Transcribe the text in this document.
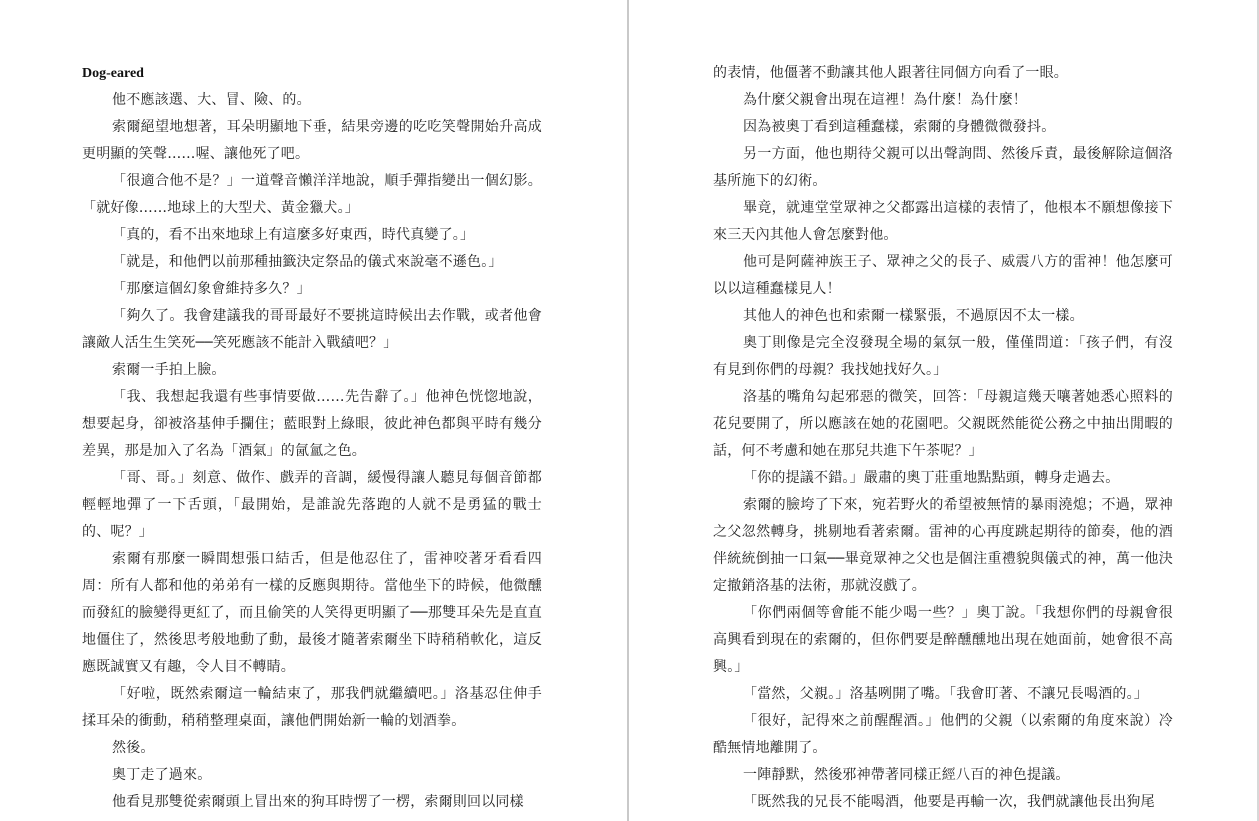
Dog-eared

他不應該選、大、冒、險、的。

索爾絕望地想著，耳朵明顯地下垂，結果旁邊的吃吃笑聲開始升高成更明顯的笑聲……喔、讓他死了吧。

「很適合他不是？」一道聲音懶洋洋地說，順手彈指變出一個幻影。「就好像……地球上的大型犬、黃金獵犬。」

「真的，看不出來地球上有這麼多好東西，時代真變了。」

「就是，和他們以前那種抽籤決定祭品的儀式來說毫不遜色。」

「那麼這個幻象會維持多久？」

「夠久了。我會建議我的哥哥最好不要挑這時候出去作戰，或者他會讓敵人活生生笑死──笑死應該不能計入戰績吧？」

索爾一手拍上臉。

「我、我想起我還有些事情要做……先告辭了。」他神色恍惚地說，想要起身，卻被洛基伸手攔住；藍眼對上綠眼，彼此神色都與平時有幾分差異，那是加入了名為「酒氣」的氤氳之色。

「哥、哥。」刻意、做作、戲弄的音調，緩慢得讓人聽見每個音節都輕輕地彈了一下舌頭，「最開始，是誰說先落跑的人就不是勇猛的戰士的、呢？」

索爾有那麼一瞬間想張口結舌，但是他忍住了，雷神咬著牙看看四周：所有人都和他的弟弟有一樣的反應與期待。當他坐下的時候，他微醺而發紅的臉變得更紅了，而且偷笑的人笑得更明顯了──那雙耳朵先是直直地僵住了，然後思考般地動了動，最後才隨著索爾坐下時稍稍軟化，這反應既誠實又有趣，令人目不轉睛。

「好啦，既然索爾這一輪結束了，那我們就繼續吧。」洛基忍住伸手揉耳朵的衝動，稍稍整理桌面，讓他們開始新一輪的划酒拳。

然後。

奧丁走了過來。

他看見那雙從索爾頭上冒出來的狗耳時愣了一楞，索爾則回以同樣

的表情，他僵著不動讓其他人跟著往同個方向看了一眼。

為什麼父親會出現在這裡！為什麼！為什麼！

因為被奧丁看到這種蠢樣，索爾的身體微微發抖。

另一方面，他也期待父親可以出聲詢問、然後斥責，最後解除這個洛基所施下的幻術。

畢竟，就連堂堂眾神之父都露出這樣的表情了，他根本不願想像接下來三天內其他人會怎麼對他。

他可是阿薩神族王子、眾神之父的長子、威震八方的雷神！他怎麼可以以這種蠢樣見人！

其他人的神色也和索爾一樣緊張，不過原因不太一樣。

奧丁則像是完全沒發現全場的氣氛一般，僅僅問道：「孩子們，有沒有見到你們的母親？我找她找好久。」

洛基的嘴角勾起邪惡的微笑，回答：「母親這幾天嚷著她悉心照料的花兒要開了，所以應該在她的花園吧。父親既然能從公務之中抽出閒暇的話，何不考慮和她在那兒共進下午茶呢？」

「你的提議不錯。」嚴肅的奧丁莊重地點點頭，轉身走過去。

索爾的臉垮了下來，宛若野火的希望被無情的暴雨澆熄；不過，眾神之父忽然轉身，挑剔地看著索爾。雷神的心再度跳起期待的節奏，他的酒伴統統倒抽一口氣──畢竟眾神之父也是個注重禮貌與儀式的神，萬一他決定撤銷洛基的法術，那就沒戲了。

「你們兩個等會能不能少喝一些？」奧丁說。「我想你們的母親會很高興看到現在的索爾的，但你們要是醉醺醺地出現在她面前，她會很不高興。」

「當然，父親。」洛基咧開了嘴。「我會盯著、不讓兄長喝酒的。」

「很好，記得來之前醒醒酒。」他們的父親（以索爾的角度來說）冷酷無情地離開了。

一陣靜默，然後邪神帶著同樣正經八百的神色提議。

「既然我的兄長不能喝酒，他要是再輸一次，我們就讓他長出狗尾
